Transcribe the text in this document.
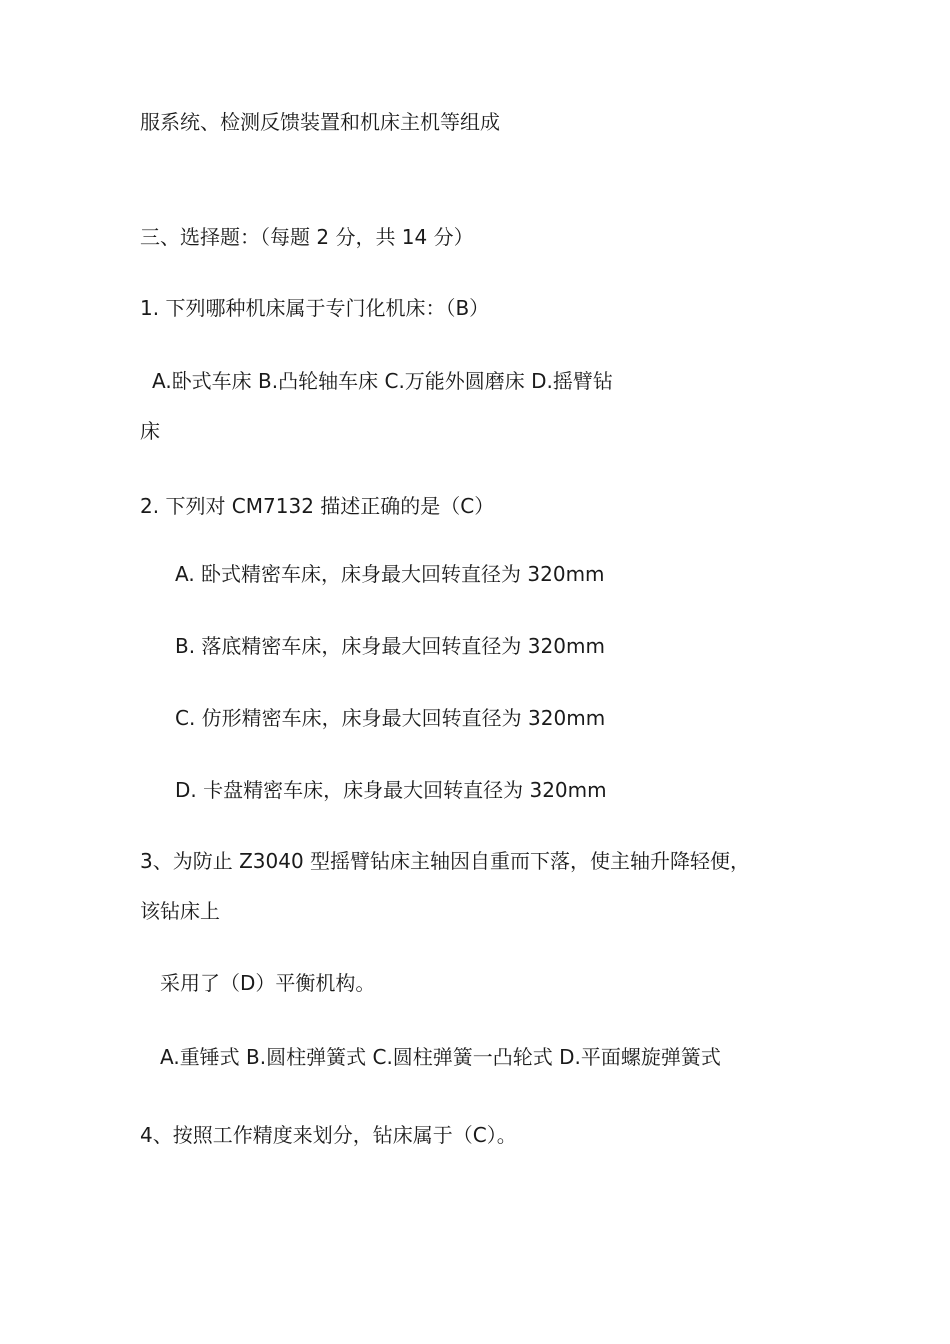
服系统、检测反馈装置和机床主机等组成
三、选择题：（每题 2 分，共 14 分）
1. 下列哪种机床属于专门化机床：（B）
A.卧式车床 B.凸轮轴车床 C.万能外圆磨床 D.摇臂钻
床
2. 下列对 CM7132 描述正确的是（C）
A. 卧式精密车床，床身最大回转直径为 320mm
B. 落底精密车床，床身最大回转直径为 320mm
C. 仿形精密车床，床身最大回转直径为 320mm
D. 卡盘精密车床，床身最大回转直径为 320mm
3、为防止 Z3040 型摇臂钻床主轴因自重而下落，使主轴升降轻便，
该钻床上
采用了（D）平衡机构。
A.重锤式 B.圆柱弹簧式 C.圆柱弹簧一凸轮式 D.平面螺旋弹簧式
4、按照工作精度来划分，钻床属于（C）。
